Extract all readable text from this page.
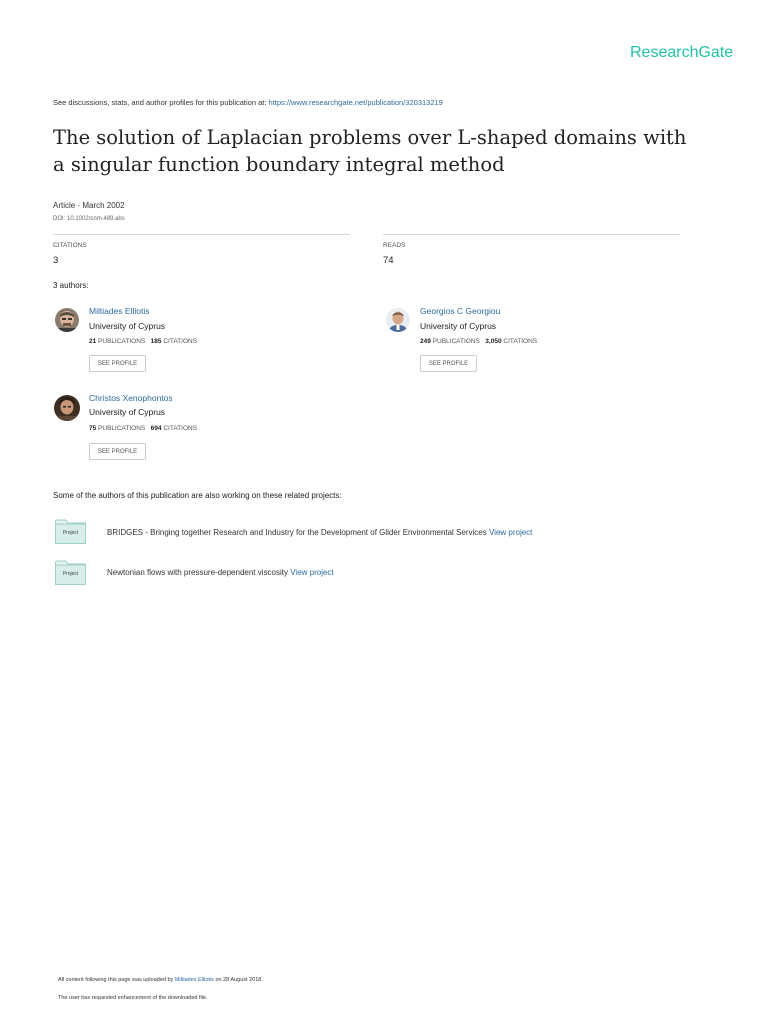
ResearchGate
See discussions, stats, and author profiles for this publication at: https://www.researchgate.net/publication/320313219
The solution of Laplacian problems over L-shaped domains with a singular function boundary integral method
Article · March 2002
DOI: 10.1002/cnm.489.abs
CITATIONS
3
READS
74
3 authors:
Miltiades Elliotis
University of Cyprus
21 PUBLICATIONS 185 CITATIONS
SEE PROFILE
Georgios C Georgiou
University of Cyprus
249 PUBLICATIONS 3,050 CITATIONS
SEE PROFILE
Christos Xenophontos
University of Cyprus
75 PUBLICATIONS 694 CITATIONS
SEE PROFILE
Some of the authors of this publication are also working on these related projects:
Project	BRIDGES - Bringing together Research and Industry for the Development of Glider Environmental Services View project
Project	Newtonian flows with pressure-dependent viscosity View project
All content following this page was uploaded by Miltiades Elliotis on 28 August 2018.
The user has requested enhancement of the downloaded file.
